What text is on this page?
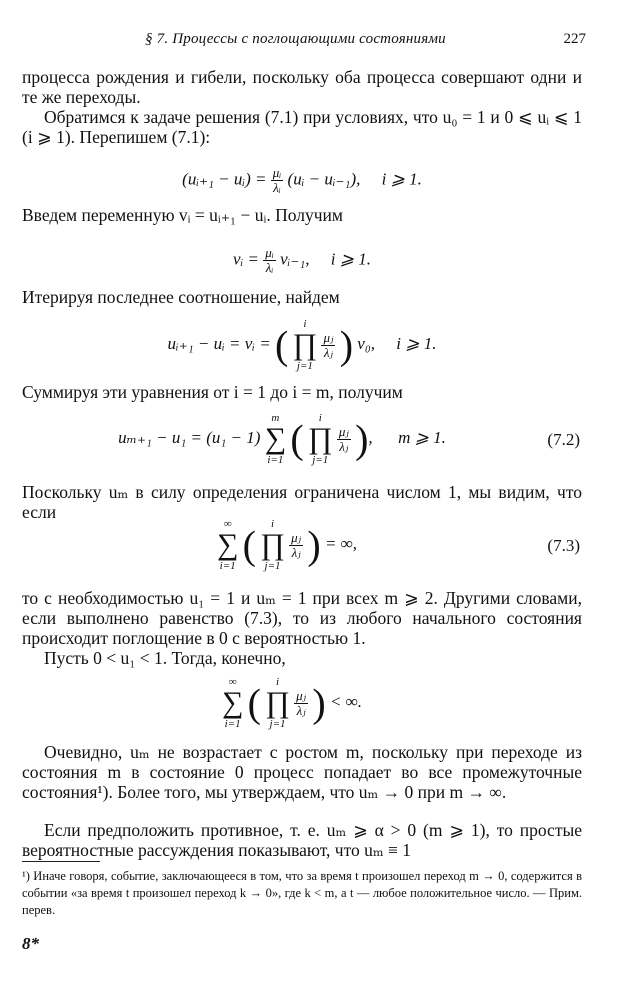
§ 7. Процессы с поглощающими состояниями	227
процесса рождения и гибели, поскольку оба процесса совершают одни и те же переходы.
Обратимся к задаче решения (7.1) при условиях, что u₀ = 1 и 0 ⩽ uᵢ ⩽ 1 (i ⩾ 1). Перепишем (7.1):
(uᵢ₊₁ − uᵢ) = $\frac{\text{μᵢ}}{\text{λᵢ}}$ (uᵢ − uᵢ₋₁), i ⩾ 1.
Введем переменную vᵢ = uᵢ₊₁ − uᵢ. Получим
vᵢ = $\frac{\text{μᵢ}}{\text{λᵢ}}$ vᵢ₋₁, i ⩾ 1.
Итерируя последнее соотношение, найдем
uᵢ₊₁ − uᵢ = vᵢ = ( i
∏
j=1
$\frac{\text{μⱼ}}{\text{λⱼ}}$ ) v₀, i ⩾ 1.
Суммируя эти уравнения от i = 1 до i = m, получим
uₘ₊₁ − u₁ = (u₁ − 1) m
∑
i=1 ( i
∏
j=1
$\frac{\text{μⱼ}}{\text{λⱼ}}$ ),      m ⩾ 1.	(7.2)
Поскольку uₘ в силу определения ограничена числом 1, мы видим, что если
∞
∑
i=1 ( i
∏
j=1
$\frac{\text{μⱼ}}{\text{λⱼ}}$ ) = ∞,	(7.3)
то с необходимостью u₁ = 1 и uₘ = 1 при всех m ⩾ 2. Другими словами, если выполнено равенство (7.3), то из любого начального состояния происходит поглощение в 0 с вероятностью 1.
Пусть 0 < u₁ < 1. Тогда, конечно,
∞
∑
i=1 ( i
∏
j=1
$\frac{\text{μⱼ}}{\text{λⱼ}}$ ) < ∞.
Очевидно, uₘ не возрастает с ростом m, поскольку при переходе из состояния m в состояние 0 процесс попадает во все промежуточные состояния¹). Более того, мы утверждаем, что uₘ → 0 при m → ∞.
Если предположить противное, т. е. uₘ ⩾ α > 0 (m ⩾ 1), то простые вероятностные рассуждения показывают, что uₘ ≡ 1
¹) Иначе говоря, событие, заключающееся в том, что за время t произошел переход m → 0, содержится в событии «за время t произошел переход k → 0», где k < m, а t — любое положительное число. — Прим. перев.
8*
